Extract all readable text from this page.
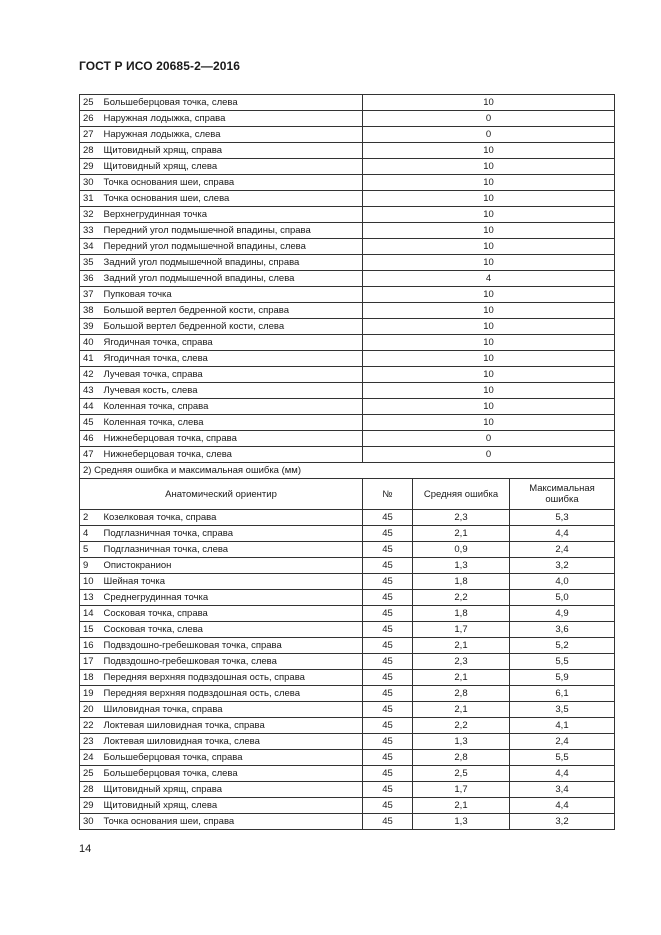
ГОСТ Р ИСО 20685-2—2016
25	Большеберцовая точка, слева	10		
26	Наружная лодыжка, справа	0		
27	Наружная лодыжка, слева	0		
28	Щитовидный хрящ, справа	10		
29	Щитовидный хрящ, слева	10		
30	Точка основания шеи, справа	10		
31	Точка основания шеи, слева	10		
32	Верхнегрудинная точка	10		
33	Передний угол подмышечной впадины, справа	10		
34	Передний угол подмышечной впадины, слева	10		
35	Задний угол подмышечной впадины, справа	10		
36	Задний угол подмышечной впадины, слева	4		
37	Пупковая точка	10		
38	Большой вертел бедренной кости, справа	10		
39	Большой вертел бедренной кости, слева	10		
40	Ягодичная точка, справа	10		
41	Ягодичная точка, слева	10		
42	Лучевая точка, справа	10		
43	Лучевая кость, слева	10		
44	Коленная точка, справа	10		
45	Коленная точка, слева	10		
46	Нижнеберцовая точка, справа	0		
47	Нижнеберцовая точка, слева	0		
2) Средняя ошибка и максимальная ошибка (мм)				
Анатомический ориентир		№	Средняя ошибка	Максимальная ошибка
2	Козелковая точка, справа	45	2,3	5,3
4	Подглазничная точка, справа	45	2,1	4,4
5	Подглазничная точка, слева	45	0,9	2,4
9	Опистокранион	45	1,3	3,2
10	Шейная точка	45	1,8	4,0
13	Среднегрудинная точка	45	2,2	5,0
14	Сосковая точка, справа	45	1,8	4,9
15	Сосковая точка, слева	45	1,7	3,6
16	Подвздошно-гребешковая точка, справа	45	2,1	5,2
17	Подвздошно-гребешковая точка, слева	45	2,3	5,5
18	Передняя верхняя подвздошная ость, справа	45	2,1	5,9
19	Передняя верхняя подвздошная ость, слева	45	2,8	6,1
20	Шиловидная точка, справа	45	2,1	3,5
22	Локтевая шиловидная точка, справа	45	2,2	4,1
23	Локтевая шиловидная точка, слева	45	1,3	2,4
24	Большеберцовая точка, справа	45	2,8	5,5
25	Большеберцовая точка, слева	45	2,5	4,4
28	Щитовидный хрящ, справа	45	1,7	3,4
29	Щитовидный хрящ, слева	45	2,1	4,4
30	Точка основания шеи, справа	45	1,3	3,2
14
